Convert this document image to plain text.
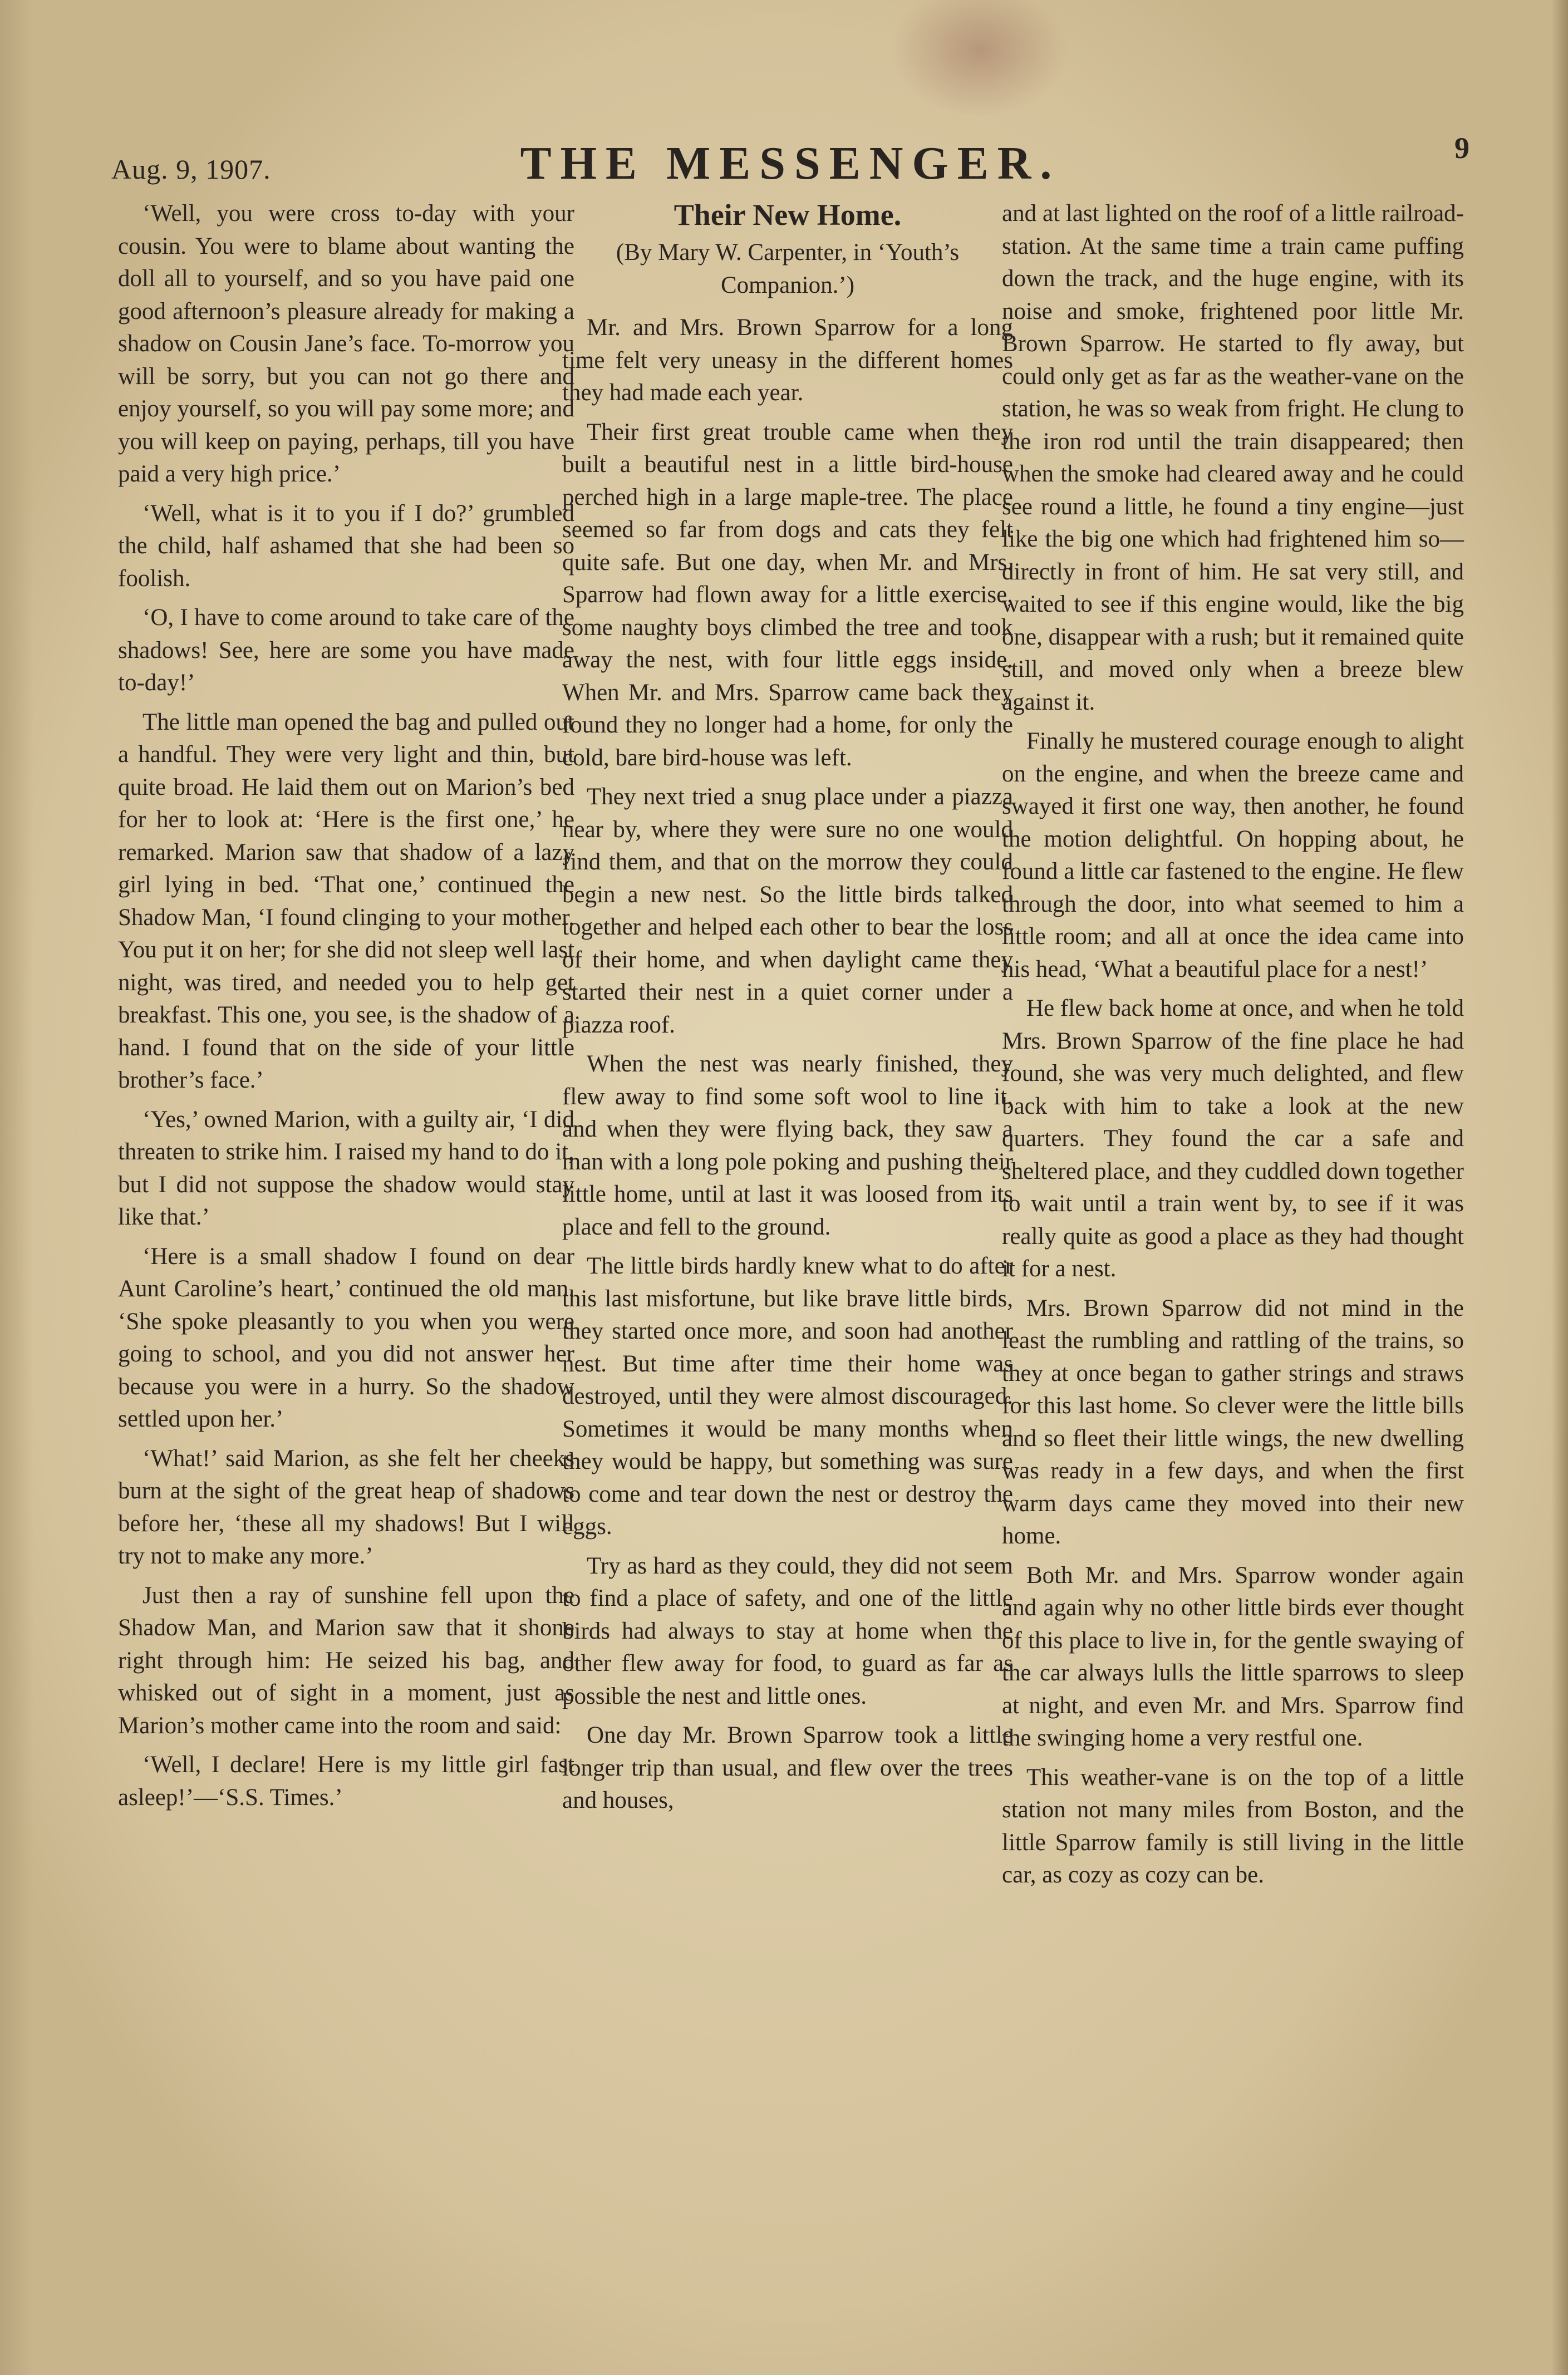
Aug. 9, 1907.	THE MESSENGER.	9

‘Well, you were cross to-day with your cousin. You were to blame about wanting the doll all to yourself, and so you have paid one good afternoon’s pleasure already for making a shadow on Cousin Jane’s face. To-morrow you will be sorry, but you can not go there and enjoy yourself, so you will pay some more; and you will keep on paying, perhaps, till you have paid a very high price.’

‘Well, what is it to you if I do?’ grumbled the child, half ashamed that she had been so foolish.

‘O, I have to come around to take care of the shadows! See, here are some you have made to-day!’

The little man opened the bag and pulled out a handful. They were very light and thin, but quite broad. He laid them out on Marion’s bed for her to look at: ‘Here is the first one,’ he remarked. Marion saw that shadow of a lazy girl lying in bed. ‘That one,’ continued the Shadow Man, ‘I found clinging to your mother. You put it on her; for she did not sleep well last night, was tired, and needed you to help get breakfast. This one, you see, is the shadow of a hand. I found that on the side of your little brother’s face.’

‘Yes,’ owned Marion, with a guilty air, ‘I did threaten to strike him. I raised my hand to do it, but I did not suppose the shadow would stay like that.’

‘Here is a small shadow I found on dear Aunt Caroline’s heart,’ continued the old man. ‘She spoke pleasantly to you when you were going to school, and you did not answer her because you were in a hurry. So the shadow settled upon her.’

‘What!’ said Marion, as she felt her cheeks burn at the sight of the great heap of shadows before her, ‘these all my shadows! But I will try not to make any more.’

Just then a ray of sunshine fell upon the Shadow Man, and Marion saw that it shone right through him: He seized his bag, and whisked out of sight in a moment, just as Marion’s mother came into the room and said:

‘Well, I declare! Here is my little girl fast asleep!’—‘S.S. Times.’

Their New Home.

(By Mary W. Carpenter, in ‘Youth’s Companion.’)

Mr. and Mrs. Brown Sparrow for a long time felt very uneasy in the different homes they had made each year.

Their first great trouble came when they built a beautiful nest in a little bird-house perched high in a large maple-tree. The place seemed so far from dogs and cats they felt quite safe. But one day, when Mr. and Mrs. Sparrow had flown away for a little exercise, some naughty boys climbed the tree and took away the nest, with four little eggs inside. When Mr. and Mrs. Sparrow came back they found they no longer had a home, for only the cold, bare bird-house was left.

They next tried a snug place under a piazza near by, where they were sure no one would find them, and that on the morrow they could begin a new nest. So the little birds talked together and helped each other to bear the loss of their home, and when daylight came they started their nest in a quiet corner under a piazza roof.

When the nest was nearly finished, they flew away to find some soft wool to line it, and when they were flying back, they saw a man with a long pole poking and pushing their little home, until at last it was loosed from its place and fell to the ground.

The little birds hardly knew what to do after this last misfortune, but like brave little birds, they started once more, and soon had another nest. But time after time their home was destroyed, until they were almost discouraged. Sometimes it would be many months when they would be happy, but something was sure to come and tear down the nest or destroy the eggs.

Try as hard as they could, they did not seem to find a place of safety, and one of the little birds had always to stay at home when the other flew away for food, to guard as far as possible the nest and little ones.

One day Mr. Brown Sparrow took a little longer trip than usual, and flew over the trees and houses,

and at last lighted on the roof of a little railroad-station. At the same time a train came puffing down the track, and the huge engine, with its noise and smoke, frightened poor little Mr. Brown Sparrow. He started to fly away, but could only get as far as the weather-vane on the station, he was so weak from fright. He clung to the iron rod until the train disappeared; then when the smoke had cleared away and he could see round a little, he found a tiny engine—just like the big one which had frightened him so—directly in front of him. He sat very still, and waited to see if this engine would, like the big one, disappear with a rush; but it remained quite still, and moved only when a breeze blew against it.

Finally he mustered courage enough to alight on the engine, and when the breeze came and swayed it first one way, then another, he found the motion delightful. On hopping about, he found a little car fastened to the engine. He flew through the door, into what seemed to him a little room; and all at once the idea came into his head, ‘What a beautiful place for a nest!’

He flew back home at once, and when he told Mrs. Brown Sparrow of the fine place he had found, she was very much delighted, and flew back with him to take a look at the new quarters. They found the car a safe and sheltered place, and they cuddled down together to wait until a train went by, to see if it was really quite as good a place as they had thought it for a nest.

Mrs. Brown Sparrow did not mind in the least the rumbling and rattling of the trains, so they at once began to gather strings and straws for this last home. So clever were the little bills and so fleet their little wings, the new dwelling was ready in a few days, and when the first warm days came they moved into their new home.

Both Mr. and Mrs. Sparrow wonder again and again why no other little birds ever thought of this place to live in, for the gentle swaying of the car always lulls the little sparrows to sleep at night, and even Mr. and Mrs. Sparrow find the swinging home a very restful one.

This weather-vane is on the top of a little station not many miles from Boston, and the little Sparrow family is still living in the little car, as cozy as cozy can be.
